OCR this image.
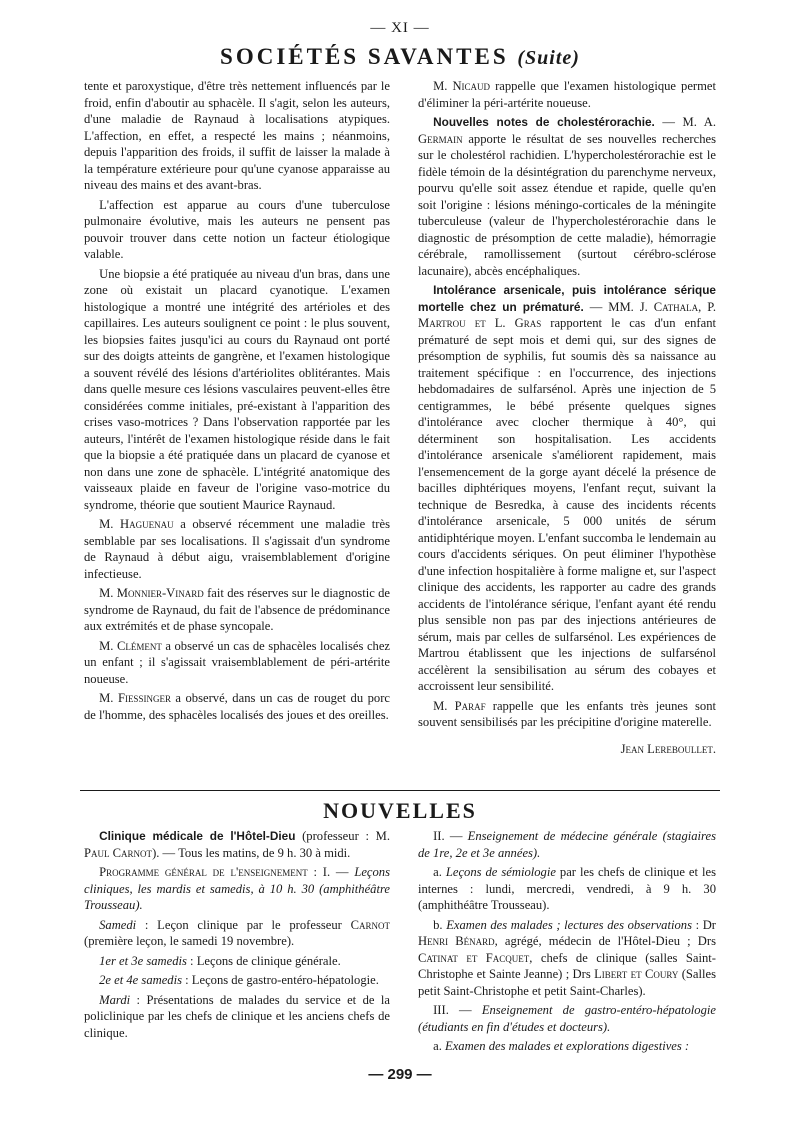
— XI —
SOCIÉTÉS SAVANTES (Suite)

tente et paroxystique, d'être très nettement influencés par le froid, enfin d'aboutir au sphacèle. Il s'agit, selon les auteurs, d'une maladie de Raynaud à localisations atypiques. L'affection, en effet, a respecté les mains ; néanmoins, depuis l'apparition des froids, il suffit de laisser la malade à la température extérieure pour qu'une cyanose apparaisse au niveau des mains et des avant-bras.

L'affection est apparue au cours d'une tuberculose pulmonaire évolutive, mais les auteurs ne pensent pas pouvoir trouver dans cette notion un facteur étiologique valable.

Une biopsie a été pratiquée au niveau d'un bras, dans une zone où existait un placard cyanotique. L'examen histologique a montré une intégrité des artérioles et des capillaires. Les auteurs soulignent ce point : le plus souvent, les biopsies faites jusqu'ici au cours du Raynaud ont porté sur des doigts atteints de gangrène, et l'examen histologique a souvent révélé des lésions d'artériolites oblitérantes. Mais dans quelle mesure ces lésions vasculaires peuvent-elles être considérées comme initiales, pré-existant à l'apparition des crises vaso-motrices ? Dans l'observation rapportée par les auteurs, l'intérêt de l'examen histologique réside dans le fait que la biopsie a été pratiquée dans un placard de cyanose et non dans une zone de sphacèle. L'intégrité anatomique des vaisseaux plaide en faveur de l'origine vaso-motrice du syndrome, théorie que soutient Maurice Raynaud.

M. Haguenau a observé récemment une maladie très semblable par ses localisations. Il s'agissait d'un syndrome de Raynaud à début aigu, vraisemblablement d'origine infectieuse.

M. Monnier-Vinard fait des réserves sur le diagnostic de syndrome de Raynaud, du fait de l'absence de prédominance aux extrémités et de phase syncopale.

M. Clément a observé un cas de sphacèles localisés chez un enfant ; il s'agissait vraisemblablement de péri-artérite noueuse.

M. Fiessinger a observé, dans un cas de rouget du porc de l'homme, des sphacèles localisés des joues et des oreilles.

M. Nicaud rappelle que l'examen histologique permet d'éliminer la péri-artérite noueuse.

Nouvelles notes de cholestérorachie. — M. A. Germain apporte le résultat de ses nouvelles recherches sur le cholestérol rachidien. L'hypercholestérorachie est le fidèle témoin de la désintégration du parenchyme nerveux, pourvu qu'elle soit assez étendue et rapide, quelle qu'en soit l'origine : lésions méningo-corticales de la méningite tuberculeuse (valeur de l'hypercholestérorachie dans le diagnostic de présomption de cette maladie), hémorragie cérébrale, ramollissement (surtout cérébro-sclérose lacunaire), abcès encéphaliques.

Intolérance arsenicale, puis intolérance sérique mortelle chez un prématuré. — MM. J. Cathala, P. Martrou et L. Gras rapportent le cas d'un enfant prématuré de sept mois et demi qui, sur des signes de présomption de syphilis, fut soumis dès sa naissance au traitement spécifique : en l'occurrence, des injections hebdomadaires de sulfarsénol. Après une injection de 5 centigrammes, le bébé présente quelques signes d'intolérance avec clocher thermique à 40°, qui déterminent son hospitalisation. Les accidents d'intolérance arsenicale s'améliorent rapidement, mais l'ensemencement de la gorge ayant décelé la présence de bacilles diphtériques moyens, l'enfant reçut, suivant la technique de Besredka, à cause des incidents récents d'intolérance arsenicale, 5 000 unités de sérum antidiphtérique moyen. L'enfant succomba le lendemain au cours d'accidents sériques. On peut éliminer l'hypothèse d'une infection hospitalière à forme maligne et, sur l'aspect clinique des accidents, les rapporter au cadre des grands accidents de l'intolérance sérique, l'enfant ayant été rendu plus sensible non pas par des injections antérieures de sérum, mais par celles de sulfarsénol. Les expériences de Martrou établissent que les injections de sulfarsénol accélèrent la sensibilisation au sérum des cobayes et accroissent leur sensibilité.

M. Paraf rappelle que les enfants très jeunes sont souvent sensibilisés par les précipitine d'origine materelle.

Jean Lereboullet.
NOUVELLES

Clinique médicale de l'Hôtel-Dieu (professeur : M. Paul Carnot). — Tous les matins, de 9 h. 30 à midi.

Programme général de l'enseignement : I. — Leçons cliniques, les mardis et samedis, à 10 h. 30 (amphithéâtre Trousseau).

Samedi : Leçon clinique par le professeur Carnot (première leçon, le samedi 19 novembre).

1er et 3e samedis : Leçons de clinique générale.

2e et 4e samedis : Leçons de gastro-entéro-hépatologie.

Mardi : Présentations de malades du service et de la policlinique par les chefs de clinique et les anciens chefs de clinique.

II. — Enseignement de médecine générale (stagiaires de 1re, 2e et 3e années).

a. Leçons de sémiologie par les chefs de clinique et les internes : lundi, mercredi, vendredi, à 9 h. 30 (amphithéâtre Trousseau).

b. Examen des malades ; lectures des observations : Dr Henri Bénard, agrégé, médecin de l'Hôtel-Dieu ; Drs Catinat et Facquet, chefs de clinique (salles Saint-Christophe et Sainte Jeanne) ; Drs Libert et Coury (Salles petit Saint-Christophe et petit Saint-Charles).

III. — Enseignement de gastro-entéro-hépatologie (étudiants en fin d'études et docteurs).

a. Examen des malades et explorations digestives :

— 299 —
